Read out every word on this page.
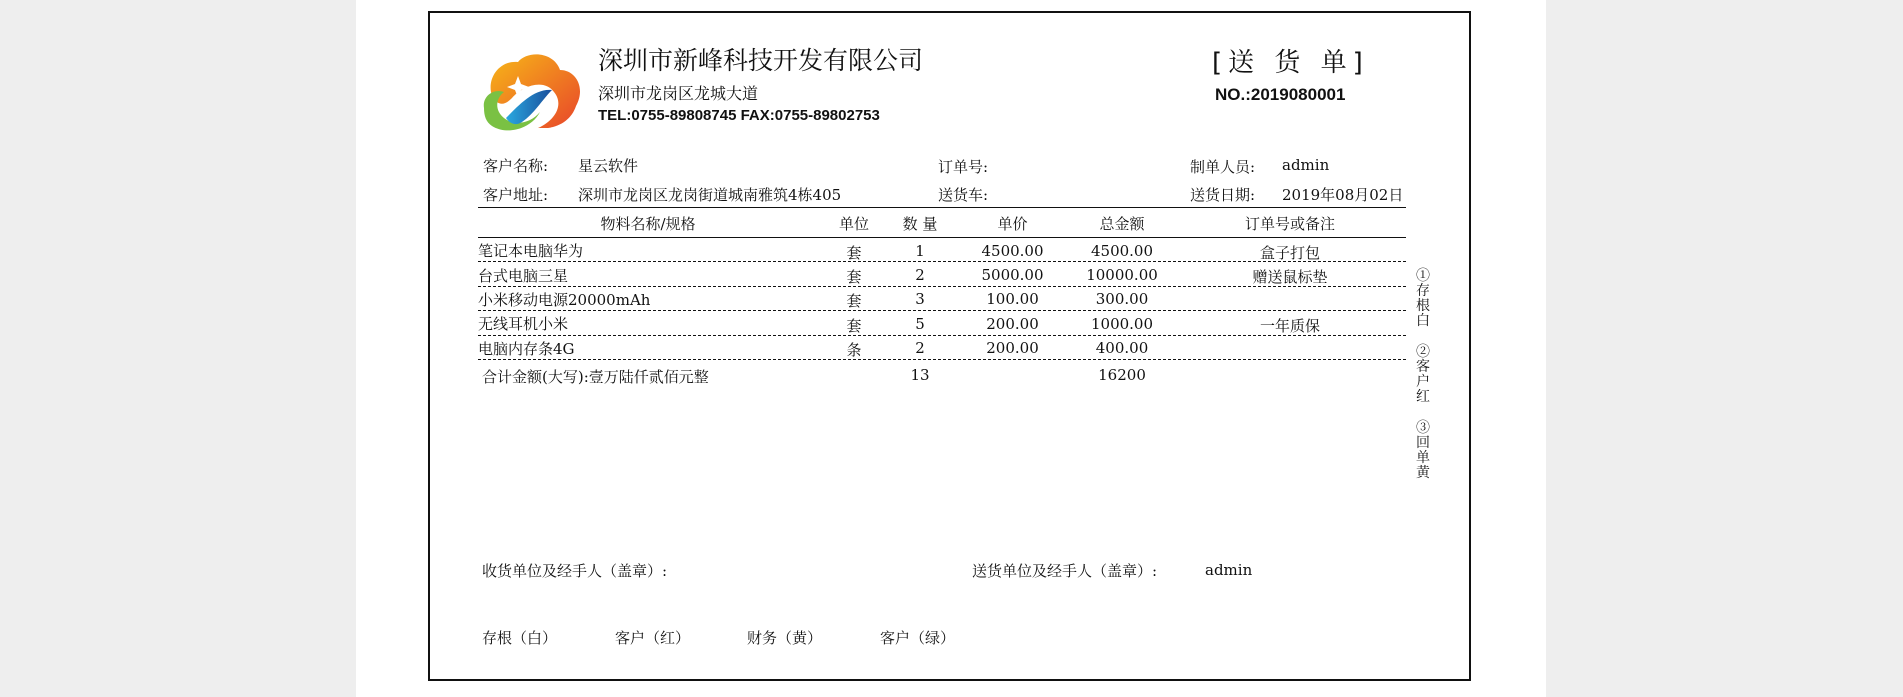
深圳市新峰科技开发有限公司
深圳市龙岗区龙城大道
TEL:0755-89808745 FAX:0755-89802753
[送 货 单]
NO.:2019080001
客户名称: 星云软件	订单号:	制单人员: admin
客户地址: 深圳市龙岗区龙岗街道城南雅筑4栋405	送货车:	送货日期: 2019年08月02日
物料名称/规格	单位	数 量	单价	总金额	订单号或备注
笔记本电脑华为	套	1	4500.00	4500.00	盒子打包
台式电脑三星	套	2	5000.00	10000.00	赠送鼠标垫
小米移动电源20000mAh	套	3	100.00	300.00
无线耳机小米	套	5	200.00	1000.00	一年质保
电脑内存条4G	条	2	200.00	400.00
合计金额(大写):壹万陆仟贰佰元整	13	16200
①存根白
②客户红
③回单黄
收货单位及经手人（盖章）:	送货单位及经手人（盖章）:	admin
存根（白）	客户（红）	财务（黄）	客户（绿）
